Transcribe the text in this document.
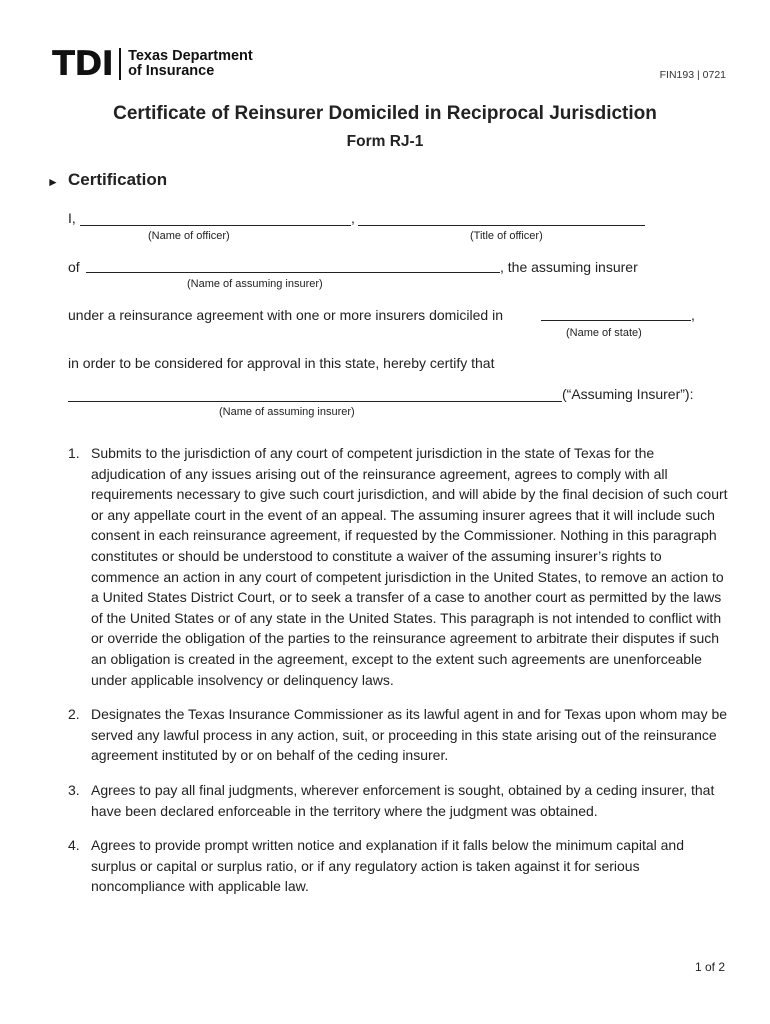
TDI Texas Department
of Insurance	FIN193 | 0721
Certificate of Reinsurer Domiciled in Reciprocal Jurisdiction
Form RJ-1
► Certification
I,	,
(Name of officer)	(Title of officer)
of	, the assuming insurer
(Name of assuming insurer)
under a reinsurance agreement with one or more insurers domiciled in	,
(Name of state)
in order to be considered for approval in this state, hereby certify that
(“Assuming Insurer”):
(Name of assuming insurer)
1. Submits to the jurisdiction of any court of competent jurisdiction in the state of Texas for the adjudication of any issues arising out of the reinsurance agreement, agrees to comply with all requirements necessary to give such court jurisdiction, and will abide by the final decision of such court or any appellate court in the event of an appeal. The assuming insurer agrees that it will include such consent in each reinsurance agreement, if requested by the Commissioner. Nothing in this paragraph constitutes or should be understood to constitute a waiver of the assuming insurer’s rights to commence an action in any court of competent jurisdiction in the United States, to remove an action to a United States District Court, or to seek a transfer of a case to another court as permitted by the laws of the United States or of any state in the United States. This paragraph is not intended to conflict with or override the obligation of the parties to the reinsurance agreement to arbitrate their disputes if such an obligation is created in the agreement, except to the extent such agreements are unenforceable under applicable insolvency or delinquency laws.
2. Designates the Texas Insurance Commissioner as its lawful agent in and for Texas upon whom may be served any lawful process in any action, suit, or proceeding in this state arising out of the reinsurance agreement instituted by or on behalf of the ceding insurer.
3. Agrees to pay all final judgments, wherever enforcement is sought, obtained by a ceding insurer, that have been declared enforceable in the territory where the judgment was obtained.
4. Agrees to provide prompt written notice and explanation if it falls below the minimum capital and surplus or capital or surplus ratio, or if any regulatory action is taken against it for serious noncompliance with applicable law.
1 of 2
